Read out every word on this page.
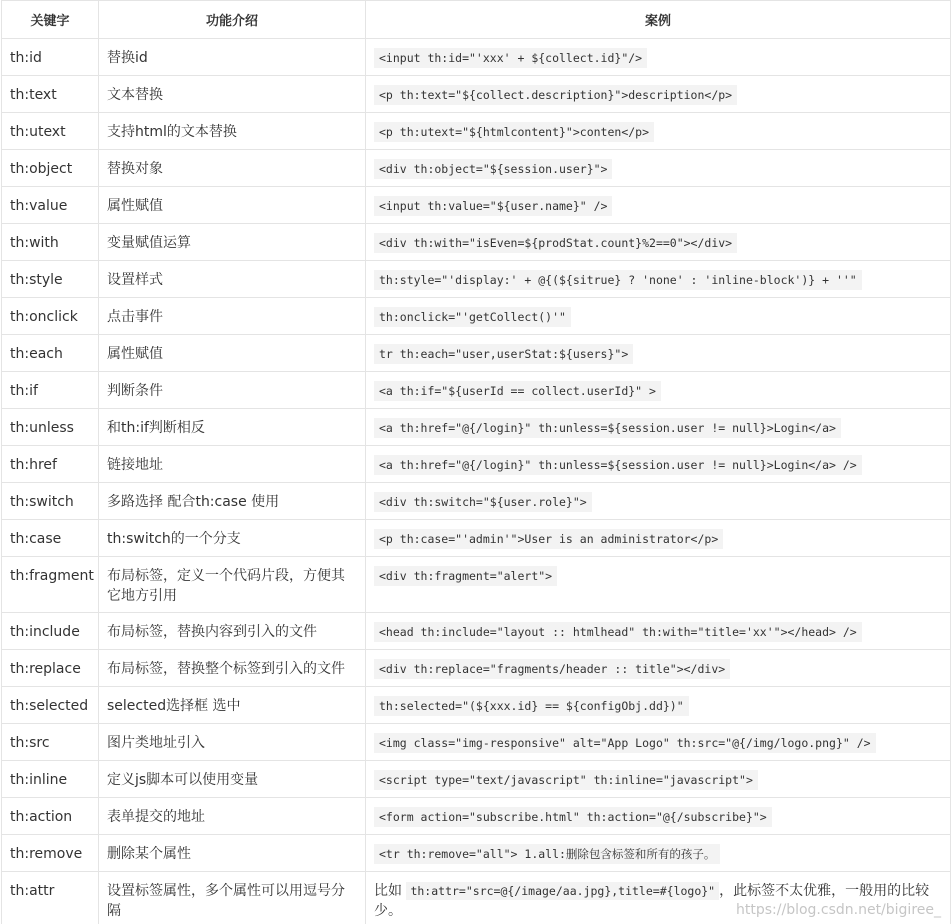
关键字	功能介绍	案例
th:id	替换id	<input th:id="'xxx' + ${collect.id}"/>
th:text	文本替换	<p th:text="${collect.description}">description</p>
th:utext	支持html的文本替换	<p th:utext="${htmlcontent}">conten</p>
th:object	替换对象	<div th:object="${session.user}">
th:value	属性赋值	<input th:value="${user.name}" />
th:with	变量赋值运算	<div th:with="isEven=${prodStat.count}%2==0"></div>
th:style	设置样式	th:style="'display:' + @{(${sitrue} ? 'none' : 'inline-block')} + ''"
th:onclick	点击事件	th:onclick="'getCollect()'"
th:each	属性赋值	tr th:each="user,userStat:${users}">
th:if	判断条件	<a th:if="${userId == collect.userId}" >
th:unless	和th:if判断相反	<a th:href="@{/login}" th:unless=${session.user != null}>Login</a>
th:href	链接地址	<a th:href="@{/login}" th:unless=${session.user != null}>Login</a> />
th:switch	多路选择 配合th:case 使用	<div th:switch="${user.role}">
th:case	th:switch的一个分支	<p th:case="'admin'">User is an administrator</p>
th:fragment	布局标签，定义一个代码片段，方便其它地方引用	<div th:fragment="alert">
th:include	布局标签，替换内容到引入的文件	<head th:include="layout :: htmlhead" th:with="title='xx'"></head> />
th:replace	布局标签，替换整个标签到引入的文件	<div th:replace="fragments/header :: title"></div>
th:selected	selected选择框 选中	th:selected="(${xxx.id} == ${configObj.dd})"
th:src	图片类地址引入	<img class="img-responsive" alt="App Logo" th:src="@{/img/logo.png}" />
th:inline	定义js脚本可以使用变量	<script type="text/javascript" th:inline="javascript">
th:action	表单提交的地址	<form action="subscribe.html" th:action="@{/subscribe}">
th:remove	删除某个属性	<tr th:remove="all"> 1.all:删除包含标签和所有的孩子。
th:attr	设置标签属性，多个属性可以用逗号分隔	比如 th:attr="src=@{/image/aa.jpg},title=#{logo}" ，此标签不太优雅，一般用的比较少。	https://blog.csdn.net/bigiree_
